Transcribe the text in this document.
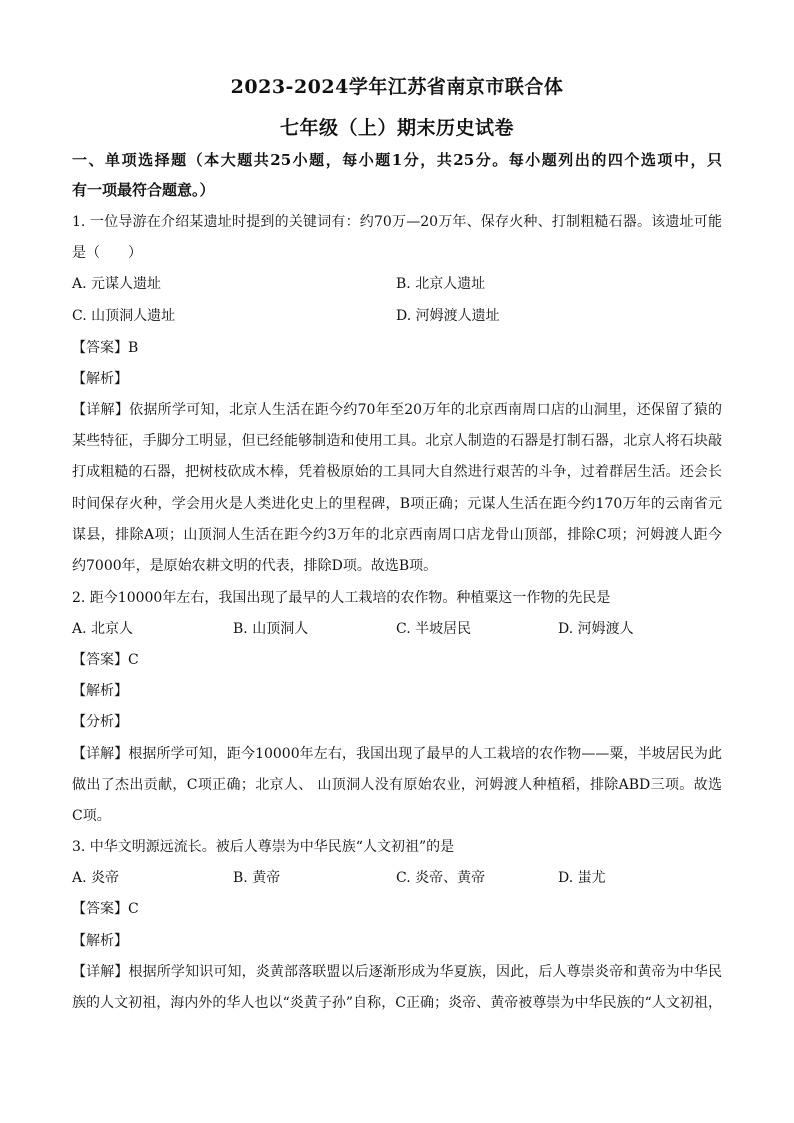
2023-2024学年江苏省南京市联合体
七年级（上）期末历史试卷
一、单项选择题（本大题共25小题，每小题1分，共25分。每小题列出的四个选项中，只
有一项最符合题意。）
1. 一位导游在介绍某遗址时提到的关键词有：约70万—20万年、保存火种、打制粗糙石器。该遗址可能
是（　　）
A. 元谋人遗址	B. 北京人遗址
C. 山顶洞人遗址	D. 河姆渡人遗址
【答案】B
【解析】
【详解】依据所学可知，北京人生活在距今约70年至20万年的北京西南周口店的山洞里，还保留了猿的
某些特征，手脚分工明显，但已经能够制造和使用工具。北京人制造的石器是打制石器，北京人将石块敲
打成粗糙的石器，把树枝砍成木棒，凭着极原始的工具同大自然进行艰苦的斗争，过着群居生活。还会长
时间保存火种，学会用火是人类进化史上的里程碑，B项正确；元谋人生活在距今约170万年的云南省元
谋县，排除A项；山顶洞人生活在距今约3万年的北京西南周口店龙骨山顶部，排除C项；河姆渡人距今
约7000年，是原始农耕文明的代表，排除D项。故选B项。
2. 距今10000年左右，我国出现了最早的人工栽培的农作物。种植粟这一作物的先民是
A. 北京人	B. 山顶洞人	C. 半坡居民	D. 河姆渡人
【答案】C
【解析】
【分析】
【详解】根据所学可知，距今10000年左右，我国出现了最早的人工栽培的农作物——粟，半坡居民为此
做出了杰出贡献，C项正确；北京人、 山顶洞人没有原始农业，河姆渡人种植稻，排除ABD三项。故选
C项。
3. 中华文明源远流长。被后人尊崇为中华民族“人文初祖”的是
A. 炎帝	B. 黄帝	C. 炎帝、黄帝	D. 蚩尤
【答案】C
【解析】
【详解】根据所学知识可知，炎黄部落联盟以后逐渐形成为华夏族，因此，后人尊崇炎帝和黄帝为中华民
族的人文初祖，海内外的华人也以“炎黄子孙”自称，C正确；炎帝、黄帝被尊崇为中华民族的“人文初祖，
